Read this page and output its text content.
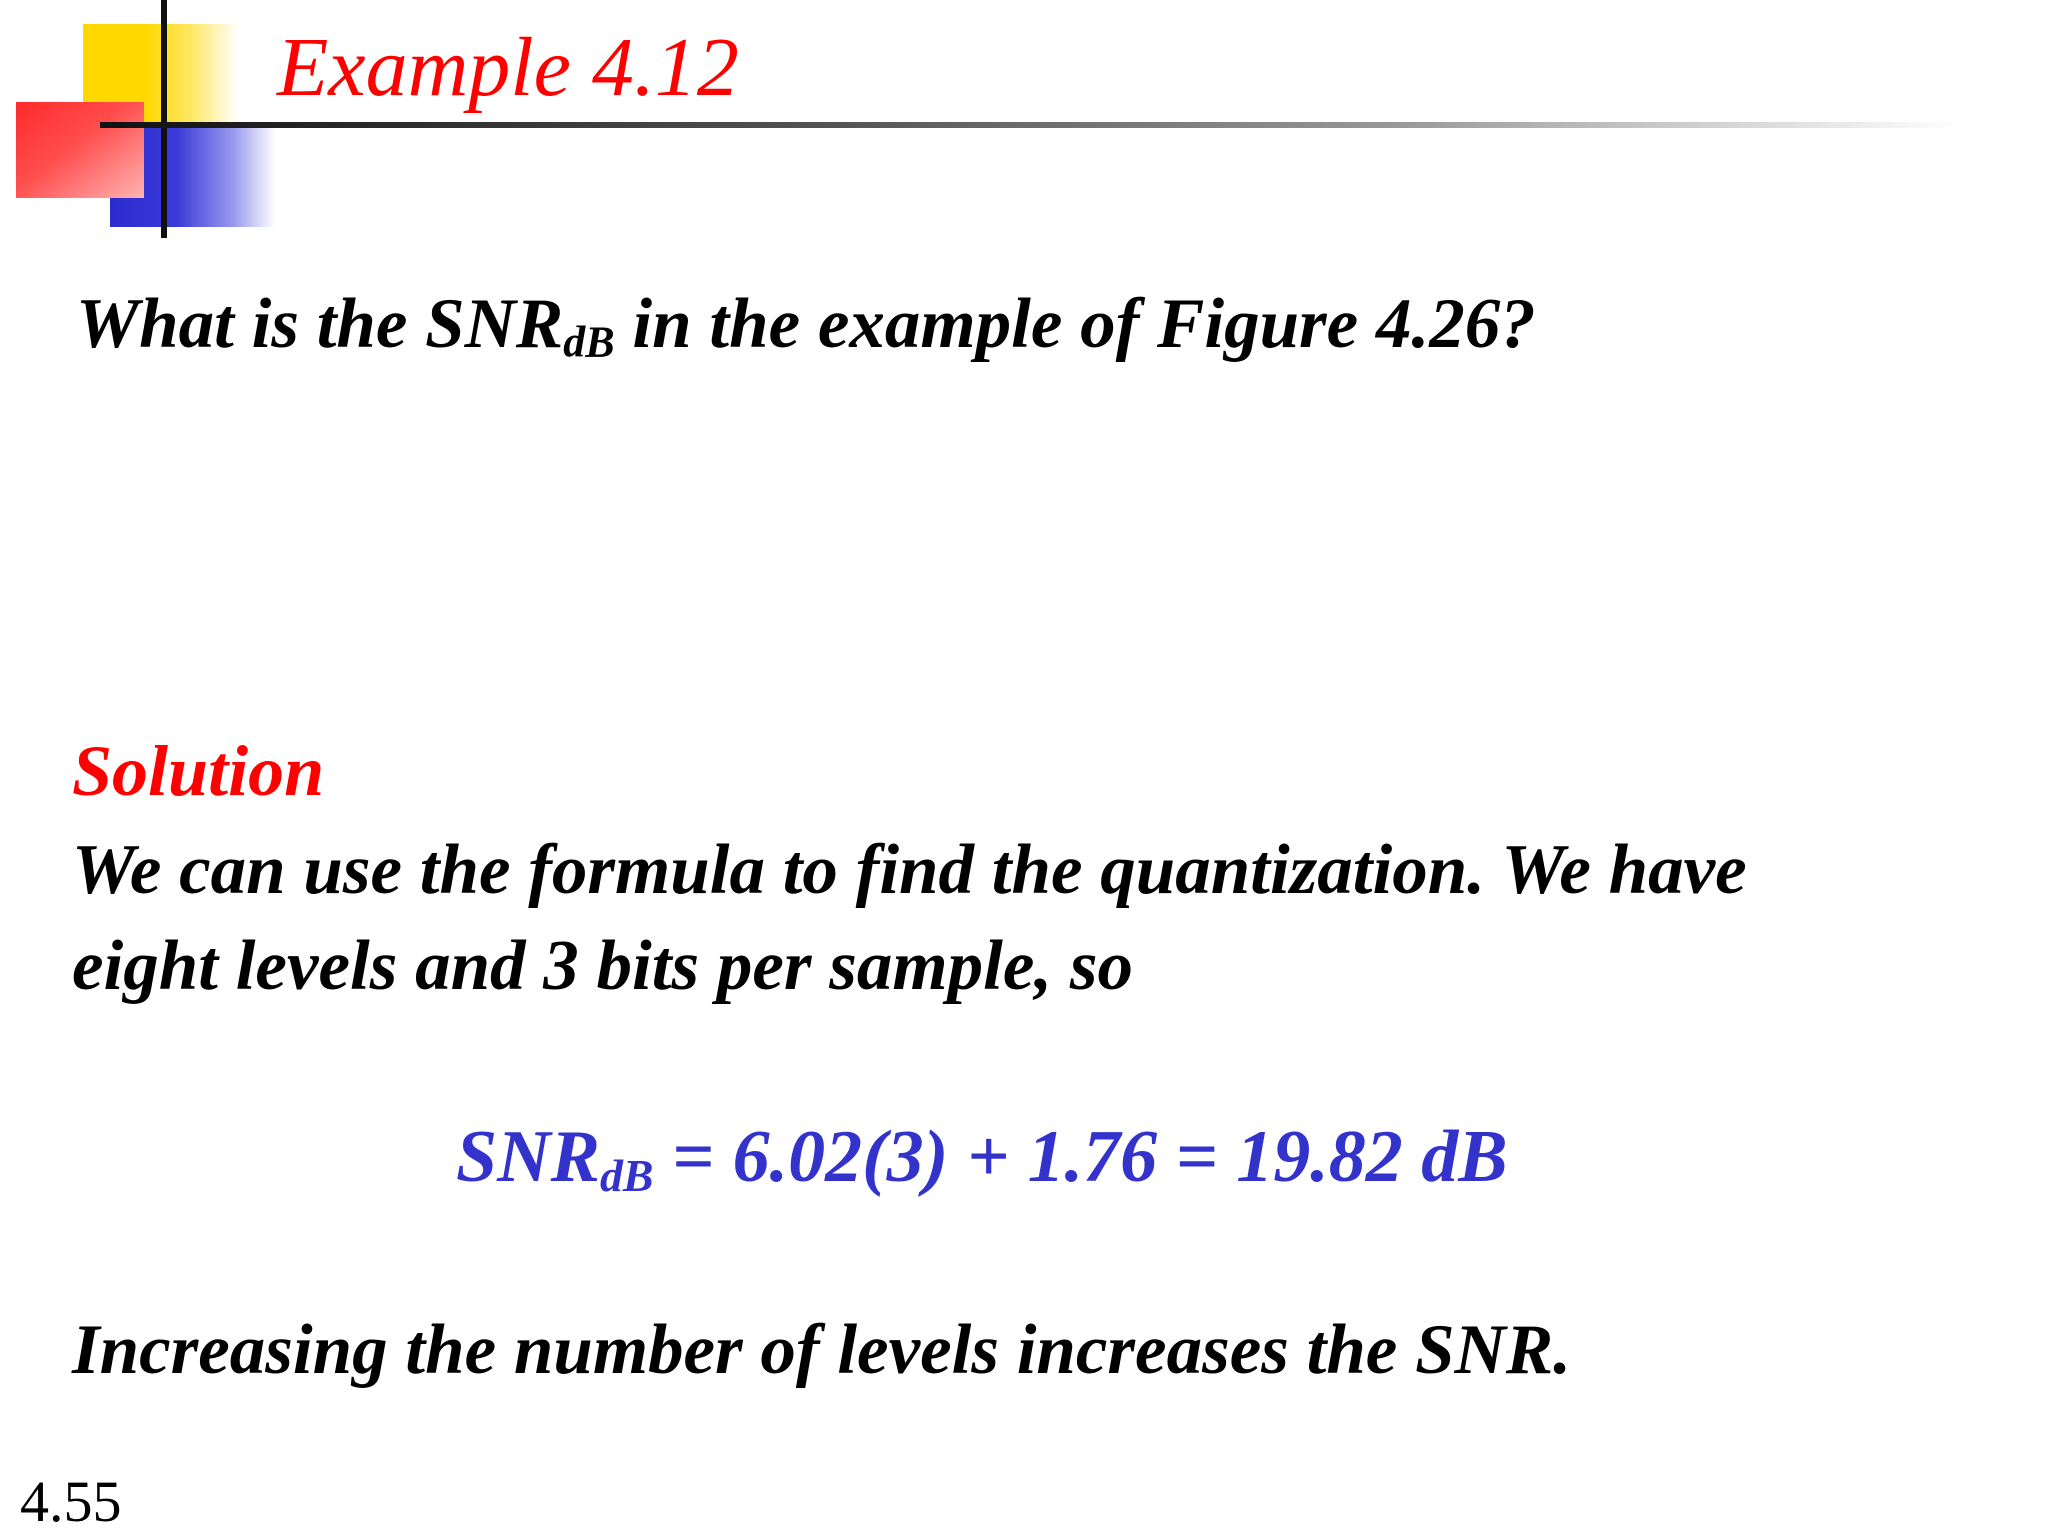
Example 4.12

What is the $SNR_{dB}$ in the example of Figure 4.26?

Solution

We can use the formula to find the quantization. We have
eight levels and 3 bits per sample, so

$SNR_{dB} = 6.02(3) + 1.76 = 19.82$ dB

Increasing the number of levels increases the SNR.

4.55
